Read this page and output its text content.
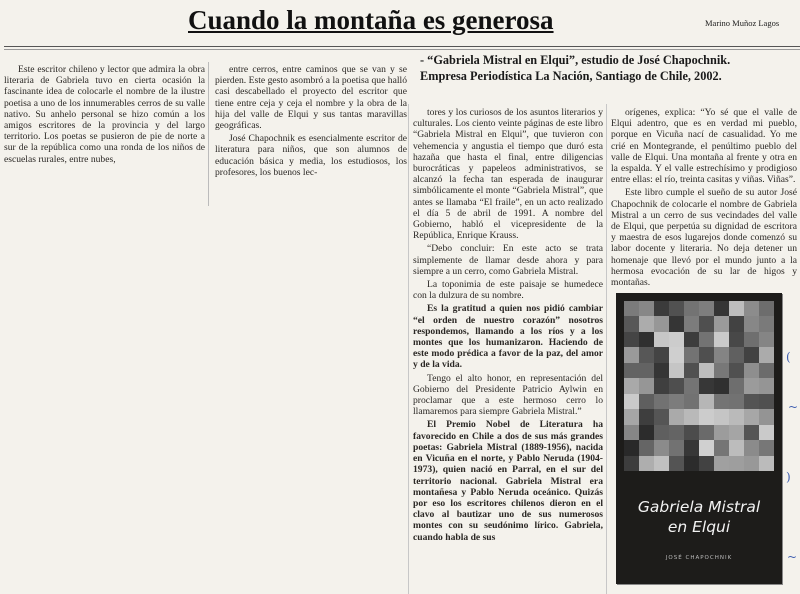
Cuando la montaña es generosa	Marino Muñoz Lagos
- “Gabriela Mistral en Elqui”, estudio de José Chapochnik.
Empresa Periodística La Nación, Santiago de Chile, 2002.

Este escritor chileno y lector que admira la obra literaria de Gabriela tuvo en cierta ocasión la fascinante idea de colocarle el nombre de la ilustre poetisa a uno de los innumerables cerros de su valle nativo. Su anhelo personal se hizo común a los amigos escritores de la provincia y del largo territorio. Los poetas se pusieron de pie de norte a sur de la república como una ronda de los niños de escuelas rurales, entre nubes,

entre cerros, entre caminos que se van y se pierden. Este gesto asombró a la poetisa que halló casi descabellado el proyecto del escritor que tiene entre ceja y ceja el nombre y la obra de la hija del valle de Elqui y sus tantas maravillas geográficas.

José Chapochnik es esencialmente escritor de literatura para niños, que son alumnos de educación básica y media, los estudiosos, los profesores, los buenos lec-

tores y los curiosos de los asuntos literarios y culturales. Los ciento veinte páginas de este libro “Gabriela Mistral en Elqui”, que tuvieron con vehemencia y angustia el tiempo que duró esta hazaña que hasta el final, entre diligencias burocráticas y papeleos administrativos, se alcanzó la fecha tan esperada de inaugurar simbólicamente el monte “Gabriela Mistral”, que antes se llamaba “El fraile”, en un acto realizado el día 5 de abril de 1991. A nombre del Gobierno, habló el vicepresidente de la República, Enrique Krauss.

“Debo concluir: En este acto se trata simplemente de llamar desde ahora y para siempre a un cerro, como Gabriela Mistral.

La toponimia de este paisaje se humedece con la dulzura de su nombre.

Es la gratitud a quien nos pidió cambiar “el orden de nuestro corazón” nosotros respondemos, llamando a los ríos y a los montes que los humanizaron. Haciendo de este modo prédica a favor de la paz, del amor y de la vida.

Tengo el alto honor, en representación del Gobierno del Presidente Patricio Aylwin en proclamar que a este hermoso cerro lo llamaremos para siempre Gabriela Mistral.”

El Premio Nobel de Literatura ha favorecido en Chile a dos de sus más grandes poetas: Gabriela Mistral (1889-1956), nacida en Vicuña en el norte, y Pablo Neruda (1904-1973), quien nació en Parral, en el sur del territorio nacional. Gabriela Mistral era montañesa y Pablo Neruda oceánico. Quizás por eso los escritores chilenos dieron en el clavo al bautizar uno de sus numerosos montes con su seudónimo lírico. Gabriela, cuando habla de sus

orígenes, explica: “Yo sé que el valle de Elqui adentro, que es en verdad mi pueblo, porque en Vicuña nací de casualidad. Yo me crié en Montegrande, el penúltimo pueblo del valle de Elqui. Una montaña al frente y otra en la espalda. Y el valle estrechísimo y prodigioso entre ellas: el río, treinta casitas y viñas. Viñas”.

Este libro cumple el sueño de su autor José Chapochnik de colocarle el nombre de Gabriela Mistral a un cerro de sus vecindades del valle de Elqui, que perpetúa su dignidad de escritora y maestra de esos lugarejos donde comenzó su labor docente y literaria. No deja detener un homenaje que llevó por el mundo junto a la hermosa evocación de su lar de higos y montañas.

Gabriela Mistral
en Elqui
JOSÉ CHAPOCHNIK
(
~
)
~
